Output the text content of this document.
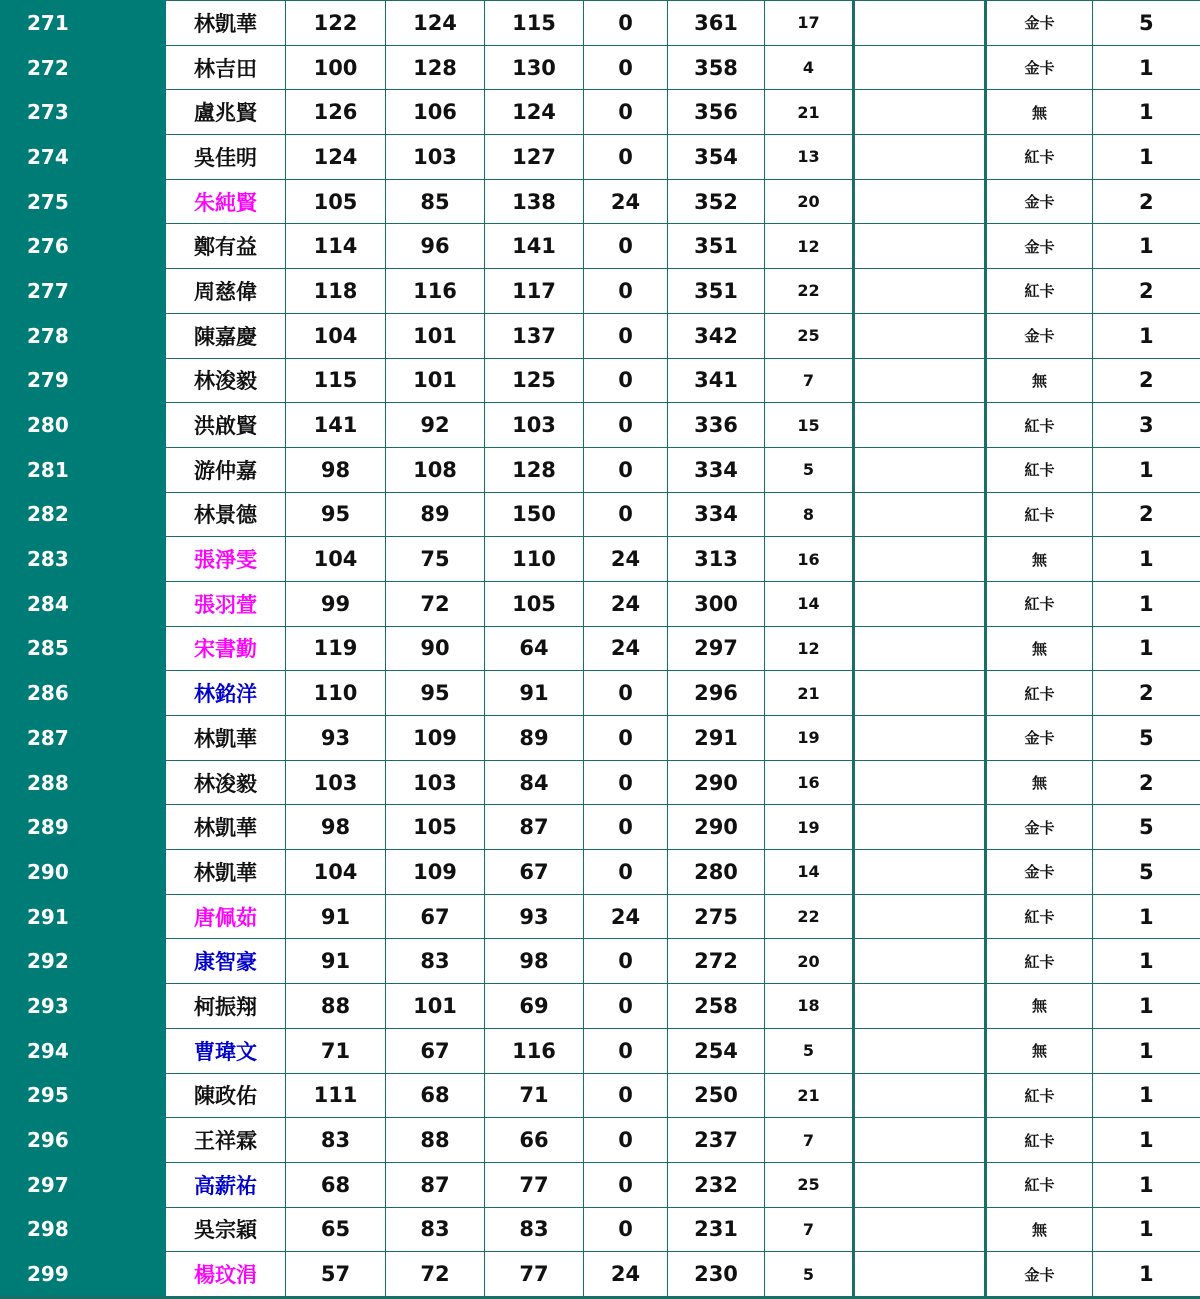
271	林凱華	122	124	115	0	361	17		金卡	5
272	林吉田	100	128	130	0	358	4		金卡	1
273	盧兆賢	126	106	124	0	356	21		無	1
274	吳佳明	124	103	127	0	354	13		紅卡	1
275	朱純賢	105	85	138	24	352	20		金卡	2
276	鄭有益	114	96	141	0	351	12		金卡	1
277	周慈偉	118	116	117	0	351	22		紅卡	2
278	陳嘉慶	104	101	137	0	342	25		金卡	1
279	林浚毅	115	101	125	0	341	7		無	2
280	洪啟賢	141	92	103	0	336	15		紅卡	3
281	游仲嘉	98	108	128	0	334	5		紅卡	1
282	林景德	95	89	150	0	334	8		紅卡	2
283	張淨雯	104	75	110	24	313	16		無	1
284	張羽萱	99	72	105	24	300	14		紅卡	1
285	宋書勤	119	90	64	24	297	12		無	1
286	林銘洋	110	95	91	0	296	21		紅卡	2
287	林凱華	93	109	89	0	291	19		金卡	5
288	林浚毅	103	103	84	0	290	16		無	2
289	林凱華	98	105	87	0	290	19		金卡	5
290	林凱華	104	109	67	0	280	14		金卡	5
291	唐佩茹	91	67	93	24	275	22		紅卡	1
292	康智豪	91	83	98	0	272	20		紅卡	1
293	柯振翔	88	101	69	0	258	18		無	1
294	曹瑋文	71	67	116	0	254	5		無	1
295	陳政佑	111	68	71	0	250	21		紅卡	1
296	王祥霖	83	88	66	0	237	7		紅卡	1
297	高薪祐	68	87	77	0	232	25		紅卡	1
298	吳宗穎	65	83	83	0	231	7		無	1
299	楊玟涓	57	72	77	24	230	5		金卡	1
